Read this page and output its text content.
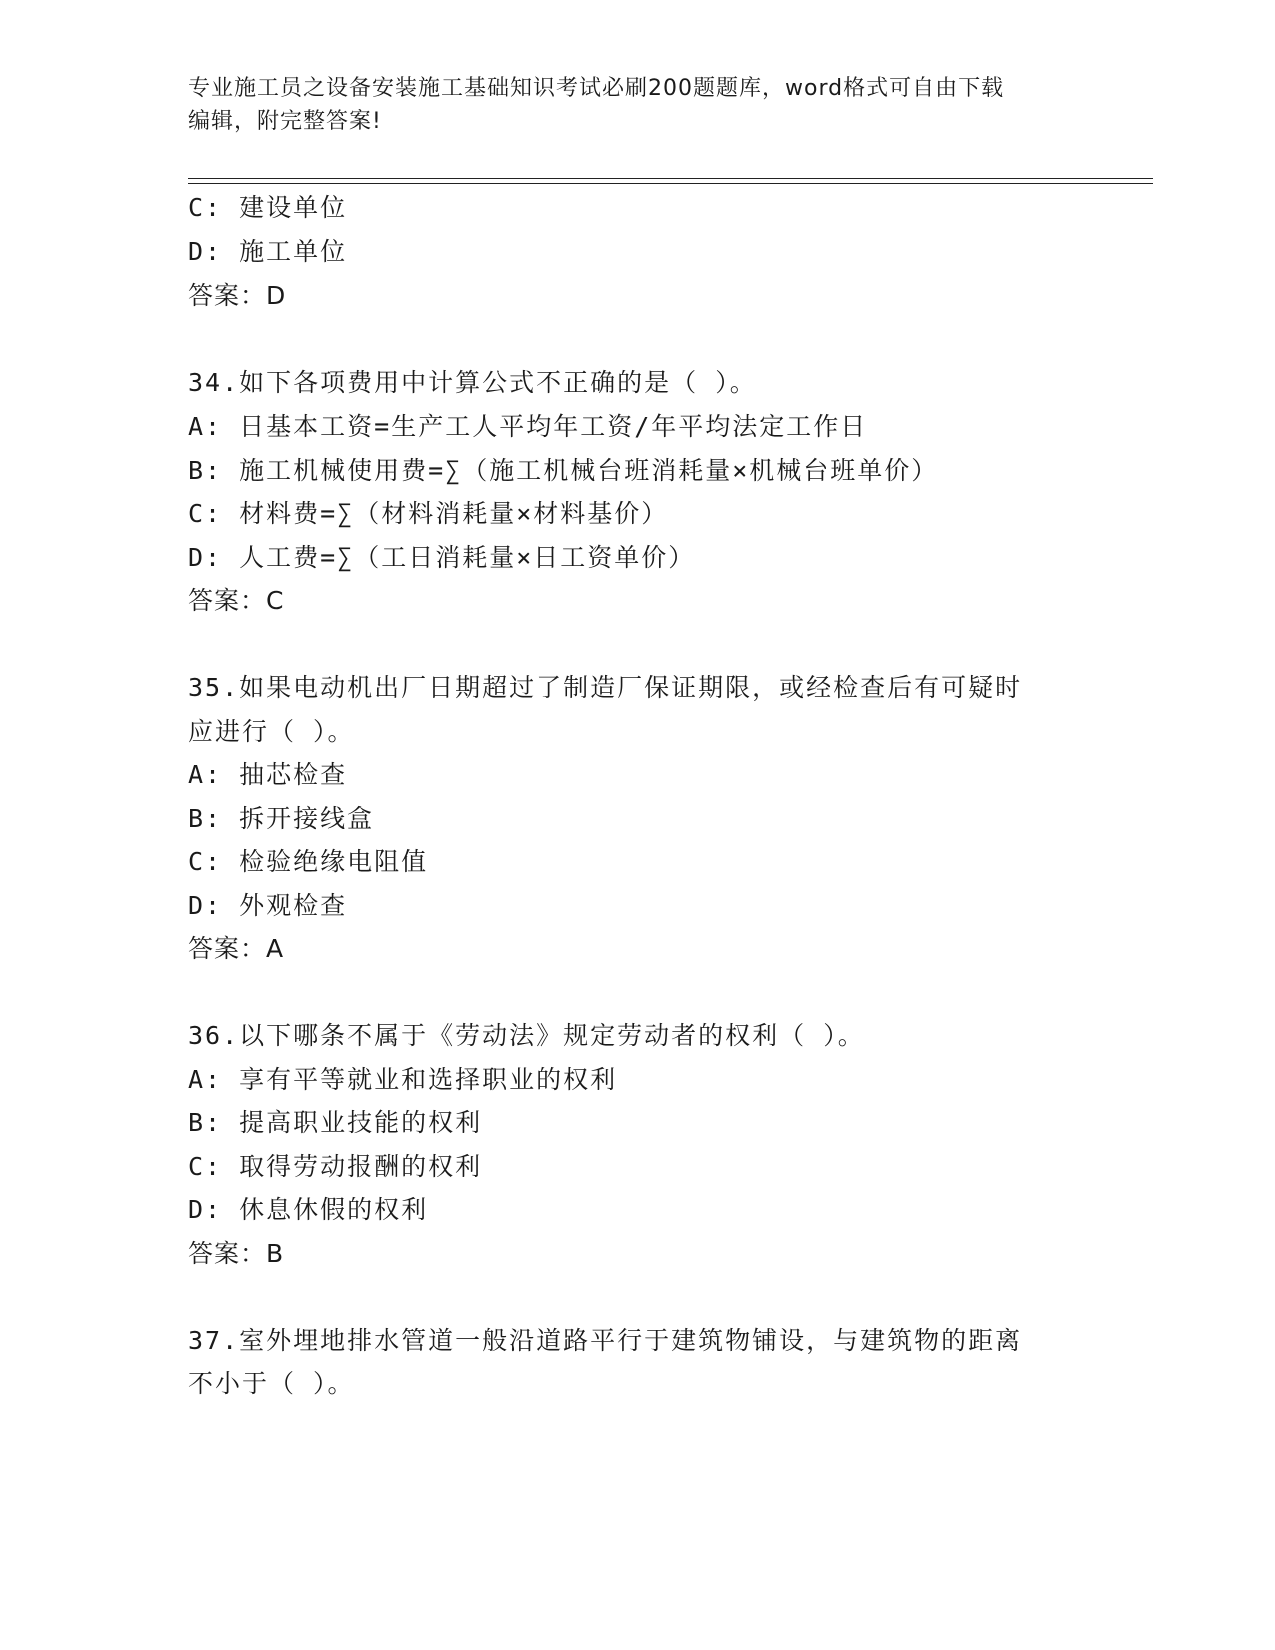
专业施工员之设备安装施工基础知识考试必刷200题题库，word格式可自由下载
编辑，附完整答案!
C: 建设单位
D: 施工单位
答案：D
34.如下各项费用中计算公式不正确的是（ ）。
A: 日基本工资=生产工人平均年工资/年平均法定工作日
B: 施工机械使用费=∑（施工机械台班消耗量×机械台班单价）
C: 材料费=∑（材料消耗量×材料基价）
D: 人工费=∑（工日消耗量×日工资单价）
答案：C
35.如果电动机出厂日期超过了制造厂保证期限，或经检查后有可疑时
应进行（ ）。
A: 抽芯检查
B: 拆开接线盒
C: 检验绝缘电阻值
D: 外观检查
答案：A
36.以下哪条不属于《劳动法》规定劳动者的权利（ ）。
A: 享有平等就业和选择职业的权利
B: 提高职业技能的权利
C: 取得劳动报酬的权利
D: 休息休假的权利
答案：B
37.室外埋地排水管道一般沿道路平行于建筑物铺设，与建筑物的距离
不小于（ ）。
